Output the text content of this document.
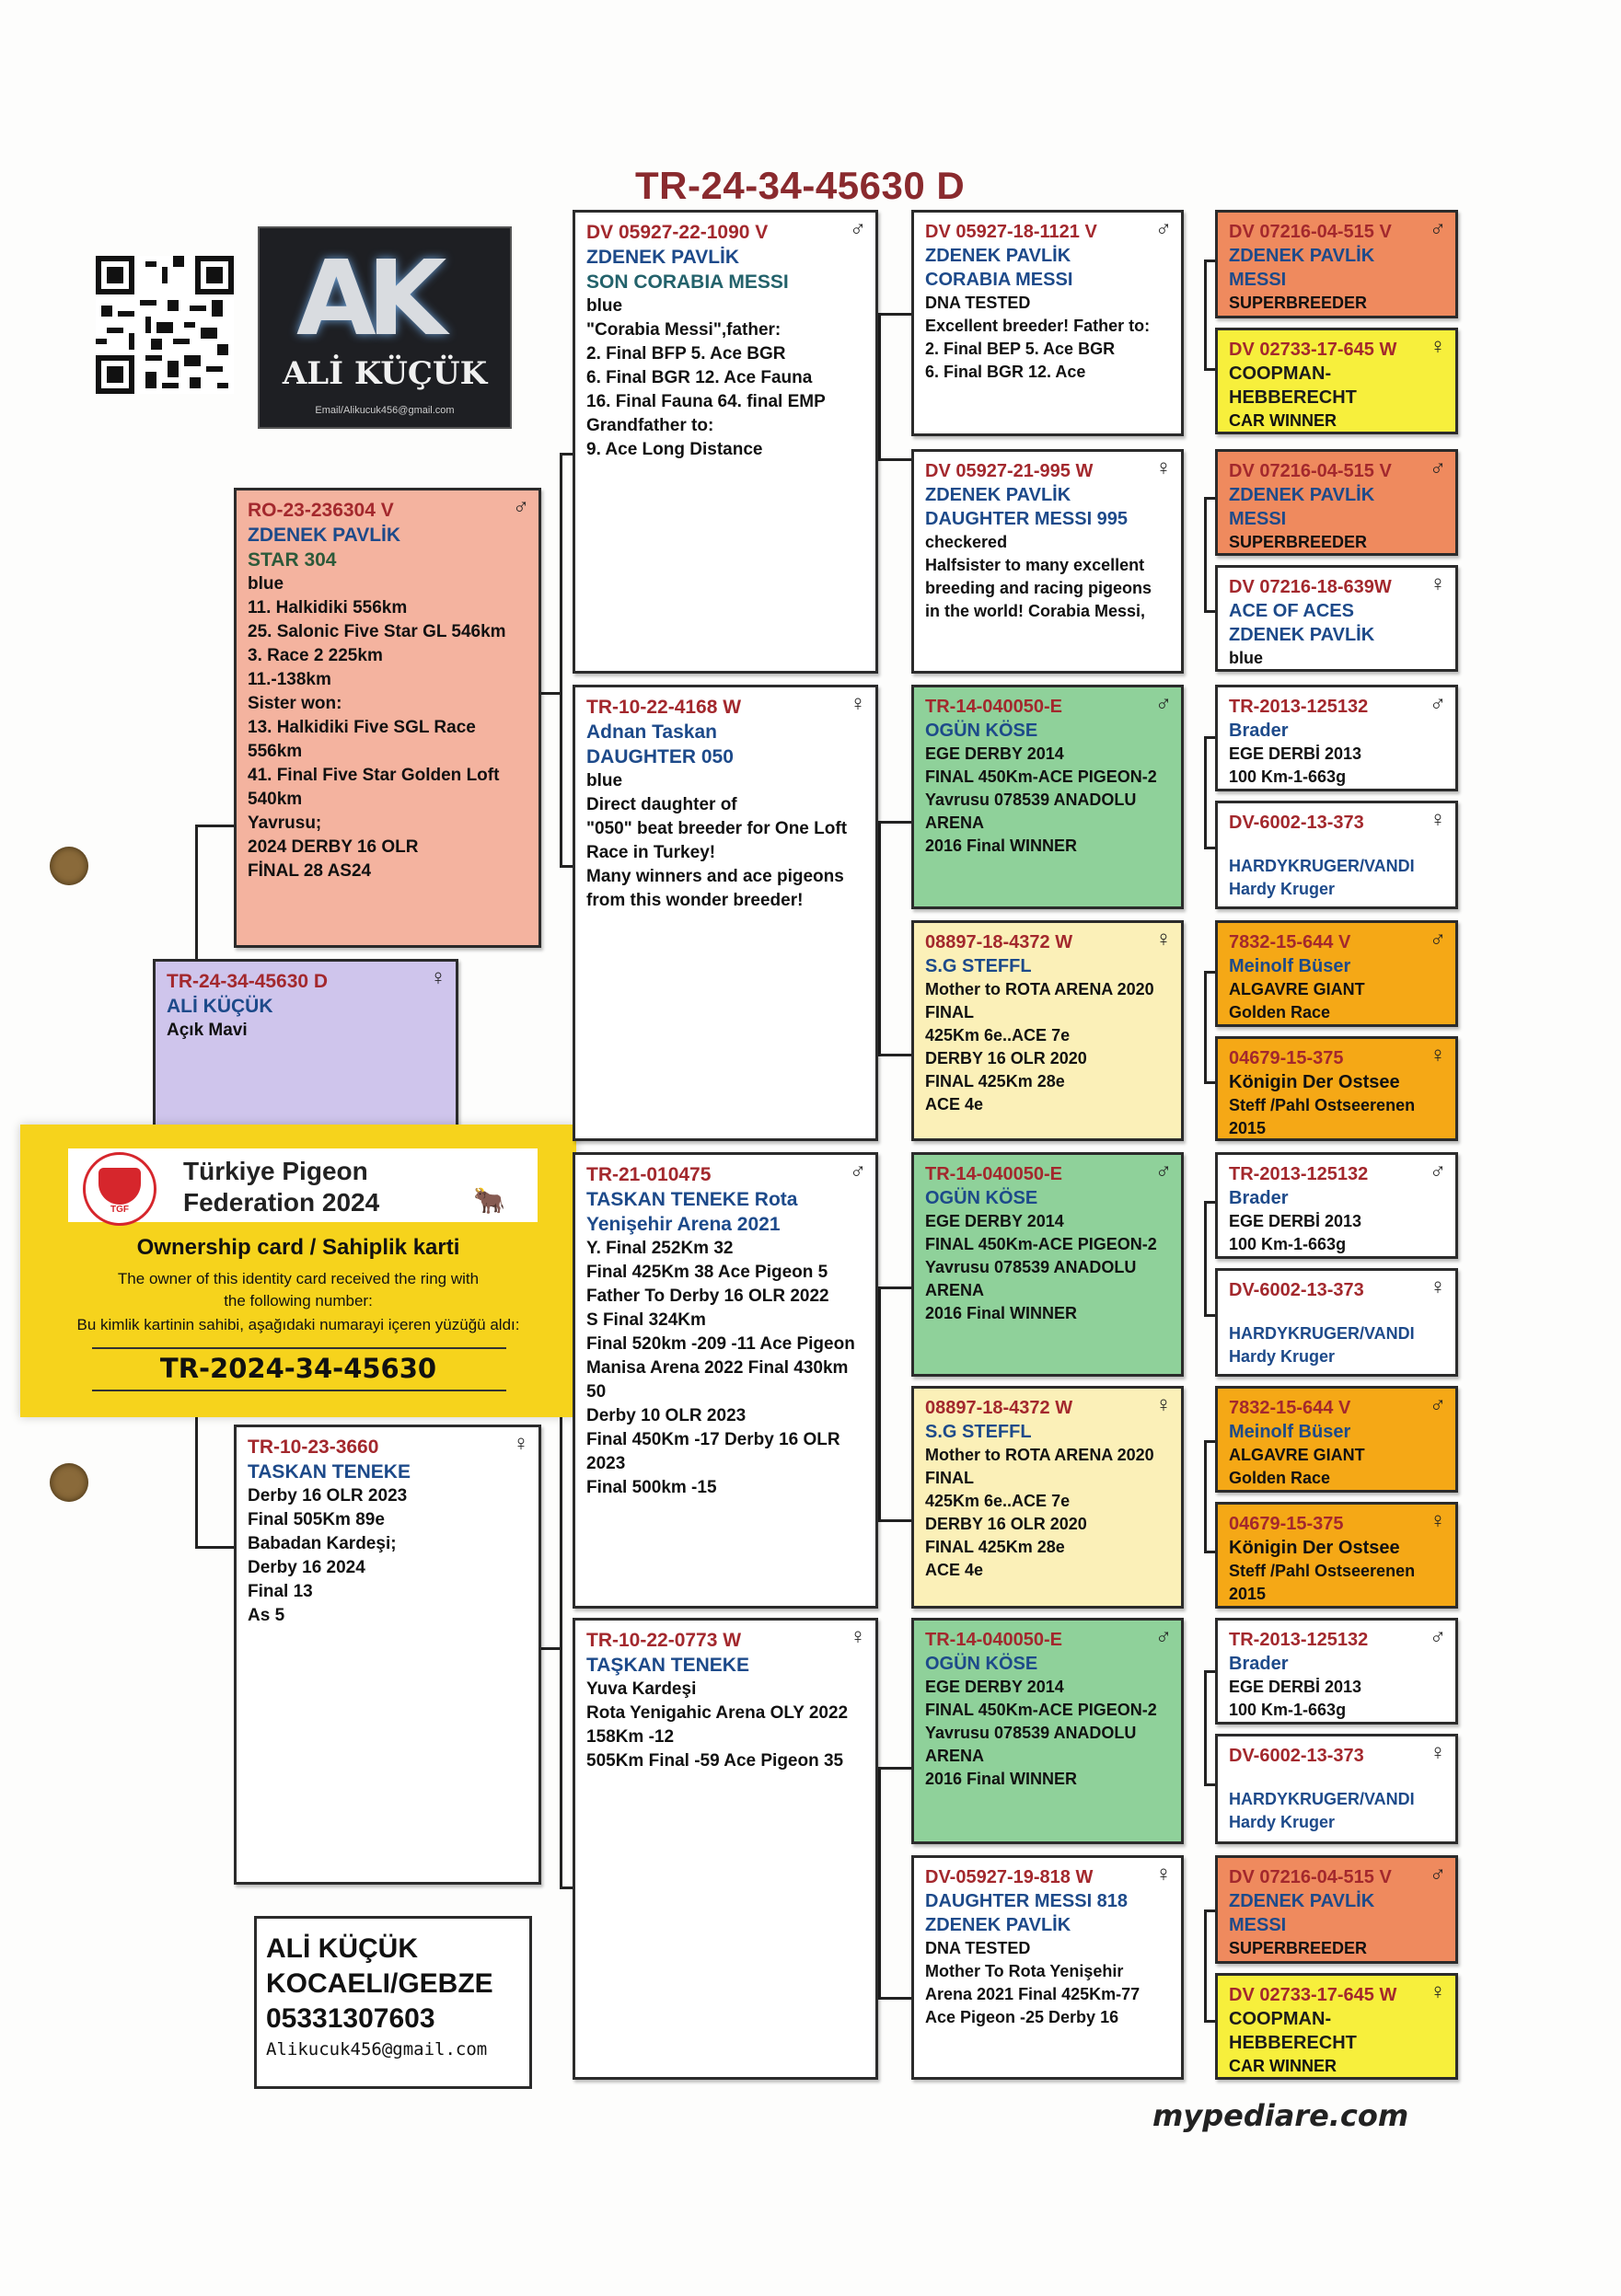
TR-24-34-45630 D
AK
ALİ KÜÇÜK
Email/Alikucuk456@gmail.com
♂
RO-23-236304 V
ZDENEK PAVLİK
STAR 304
blue
11. Halkidiki 556km
25. Salonic Five Star GL 546km
3. Race 2 225km
11.-138km
Sister won:
13. Halkidiki Five SGL Race 556km
41. Final Five Star Golden Loft 540km
Yavrusu;
2024 DERBY 16 OLR
FİNAL 28 AS24
♀
TR-24-34-45630 D
ALİ KÜÇÜK
Açık Mavi
TGF
Türkiye Pigeon Federation 2024	🐂
Ownership card / Sahiplik karti
The owner of this identity card received the ring with
the following number:
Bu kimlik kartinin sahibi, aşağıdaki numarayi içeren yüzüğü aldı:
TR-2024-34-45630
♀
TR-10-23-3660
TASKAN TENEKE
Derby 16 OLR 2023
Final 505Km 89e
Babadan Kardeşi;
Derby 16 2024
Final 13
As 5
♂
DV 05927-22-1090 V
ZDENEK PAVLİK
SON CORABIA MESSI
blue
"Corabia Messi",father:
2. Final BFP 5. Ace BGR
6. Final BGR 12. Ace Fauna
16. Final Fauna 64. final EMP
Grandfather to:
9. Ace Long Distance
♀
TR-10-22-4168 W
Adnan Taskan
DAUGHTER 050
blue
Direct daughter of
"050" beat breeder for One Loft Race in Turkey!
Many winners and ace pigeons from this wonder breeder!
♂
TR-21-010475
TASKAN TENEKE Rota Yenişehir Arena 2021
Y. Final 252Km 32
Final 425Km 38 Ace Pigeon 5
Father To Derby 16 OLR 2022
S Final 324Km
Final 520km -209 -11 Ace Pigeon
Manisa Arena 2022 Final 430km 50
Derby 10 OLR 2023
Final 450Km -17 Derby 16 OLR 2023
Final 500km -15
♀
TR-10-22-0773 W
TAŞKAN TENEKE
Yuva Kardeşi
Rota Yenigahic Arena OLY 2022
158Km -12
505Km Final -59 Ace Pigeon 35
♂
DV 05927-18-1121 V
ZDENEK PAVLİK
CORABIA MESSI
DNA TESTED
Excellent breeder! Father to:
2. Final BEP 5. Ace BGR
6. Final BGR 12. Ace
♀
DV 05927-21-995 W
ZDENEK PAVLİK
DAUGHTER MESSI 995
checkered
Halfsister to many excellent breeding and racing pigeons in the world! Corabia Messi,
♂
TR-14-040050-E
OGÜN KÖSE
EGE DERBY 2014
FINAL 450Km-ACE PIGEON-2
Yavrusu 078539 ANADOLU ARENA
2016 Final WINNER
♀
08897-18-4372 W
S.G STEFFL
Mother to ROTA ARENA 2020 FINAL
425Km 6e..ACE 7e
DERBY 16 OLR 2020
FINAL 425Km 28e
ACE 4e
♂
TR-14-040050-E
OGÜN KÖSE
EGE DERBY 2014
FINAL 450Km-ACE PIGEON-2
Yavrusu 078539 ANADOLU ARENA
2016 Final WINNER
♀
08897-18-4372 W
S.G STEFFL
Mother to ROTA ARENA 2020 FINAL
425Km 6e..ACE 7e
DERBY 16 OLR 2020
FINAL 425Km 28e
ACE 4e
♂
TR-14-040050-E
OGÜN KÖSE
EGE DERBY 2014
FINAL 450Km-ACE PIGEON-2
Yavrusu 078539 ANADOLU ARENA
2016 Final WINNER
♀
DV-05927-19-818 W
DAUGHTER MESSI 818
ZDENEK PAVLİK
DNA TESTED
Mother To Rota Yenişehir Arena 2021 Final 425Km-77
Ace Pigeon -25 Derby 16
♂
DV 07216-04-515 V
ZDENEK PAVLİK
MESSI
SUPERBREEDER
♀
DV 02733-17-645 W
COOPMAN-HEBBERECHT
CAR WINNER
♂
DV 07216-04-515 V
ZDENEK PAVLİK
MESSI
SUPERBREEDER
♀
DV 07216-18-639W
ACE OF ACES
ZDENEK PAVLİK
blue
♂
TR-2013-125132
Brader
EGE DERBİ 2013
100 Km-1-663g
♀
DV-6002-13-373
HARDYKRUGER/VANDI
Hardy Kruger
♂
7832-15-644 V
Meinolf Büser
ALGAVRE GIANT
Golden Race
♀
04679-15-375
Königin Der Ostsee
Steff /Pahl Ostseerenen
2015
♂
TR-2013-125132
Brader
EGE DERBİ 2013
100 Km-1-663g
♀
DV-6002-13-373
HARDYKRUGER/VANDI
Hardy Kruger
♂
7832-15-644 V
Meinolf Büser
ALGAVRE GIANT
Golden Race
♀
04679-15-375
Königin Der Ostsee
Steff /Pahl Ostseerenen
2015
♂
TR-2013-125132
Brader
EGE DERBİ 2013
100 Km-1-663g
♀
DV-6002-13-373
HARDYKRUGER/VANDI
Hardy Kruger
♂
DV 07216-04-515 V
ZDENEK PAVLİK
MESSI
SUPERBREEDER
♀
DV 02733-17-645 W
COOPMAN-HEBBERECHT
CAR WINNER
ALİ KÜÇÜK
KOCAELI/GEBZE
05331307603
Alikucuk456@gmail.com
mypediare.com
